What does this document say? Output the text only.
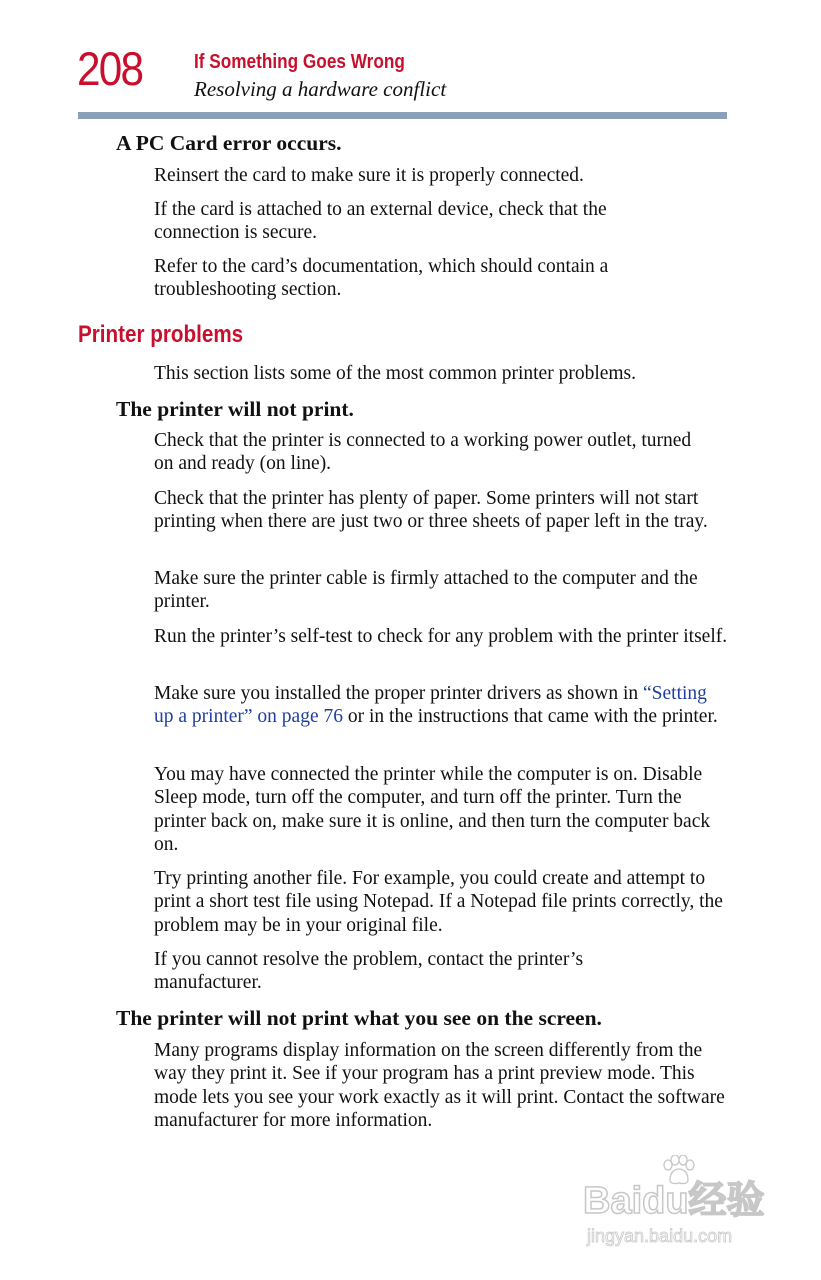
208	If Something Goes Wrong
Resolving a hardware conflict
A PC Card error occurs.
Reinsert the card to make sure it is properly connected.
If the card is attached to an external device, check that the connection is secure.
Refer to the card’s documentation, which should contain a troubleshooting section.
Printer problems
This section lists some of the most common printer problems.
The printer will not print.
Check that the printer is connected to a working power outlet, turned on and ready (on line).
Check that the printer has plenty of paper. Some printers will not start printing when there are just two or three sheets of paper left in the tray.
Make sure the printer cable is firmly attached to the computer and the printer.
Run the printer’s self-test to check for any problem with the printer itself.
Make sure you installed the proper printer drivers as shown in “Setting up a printer” on page 76 or in the instructions that came with the printer.
You may have connected the printer while the computer is on. Disable Sleep mode, turn off the computer, and turn off the printer. Turn the printer back on, make sure it is online, and then turn the computer back on.
Try printing another file. For example, you could create and attempt to print a short test file using Notepad. If a Notepad file prints correctly, the problem may be in your original file.
If you cannot resolve the problem, contact the printer’s manufacturer.
The printer will not print what you see on the screen.
Many programs display information on the screen differently from the way they print it. See if your program has a print preview mode. This mode lets you see your work exactly as it will print. Contact the software manufacturer for more information.
Baidu经验
jingyan.baidu.com
